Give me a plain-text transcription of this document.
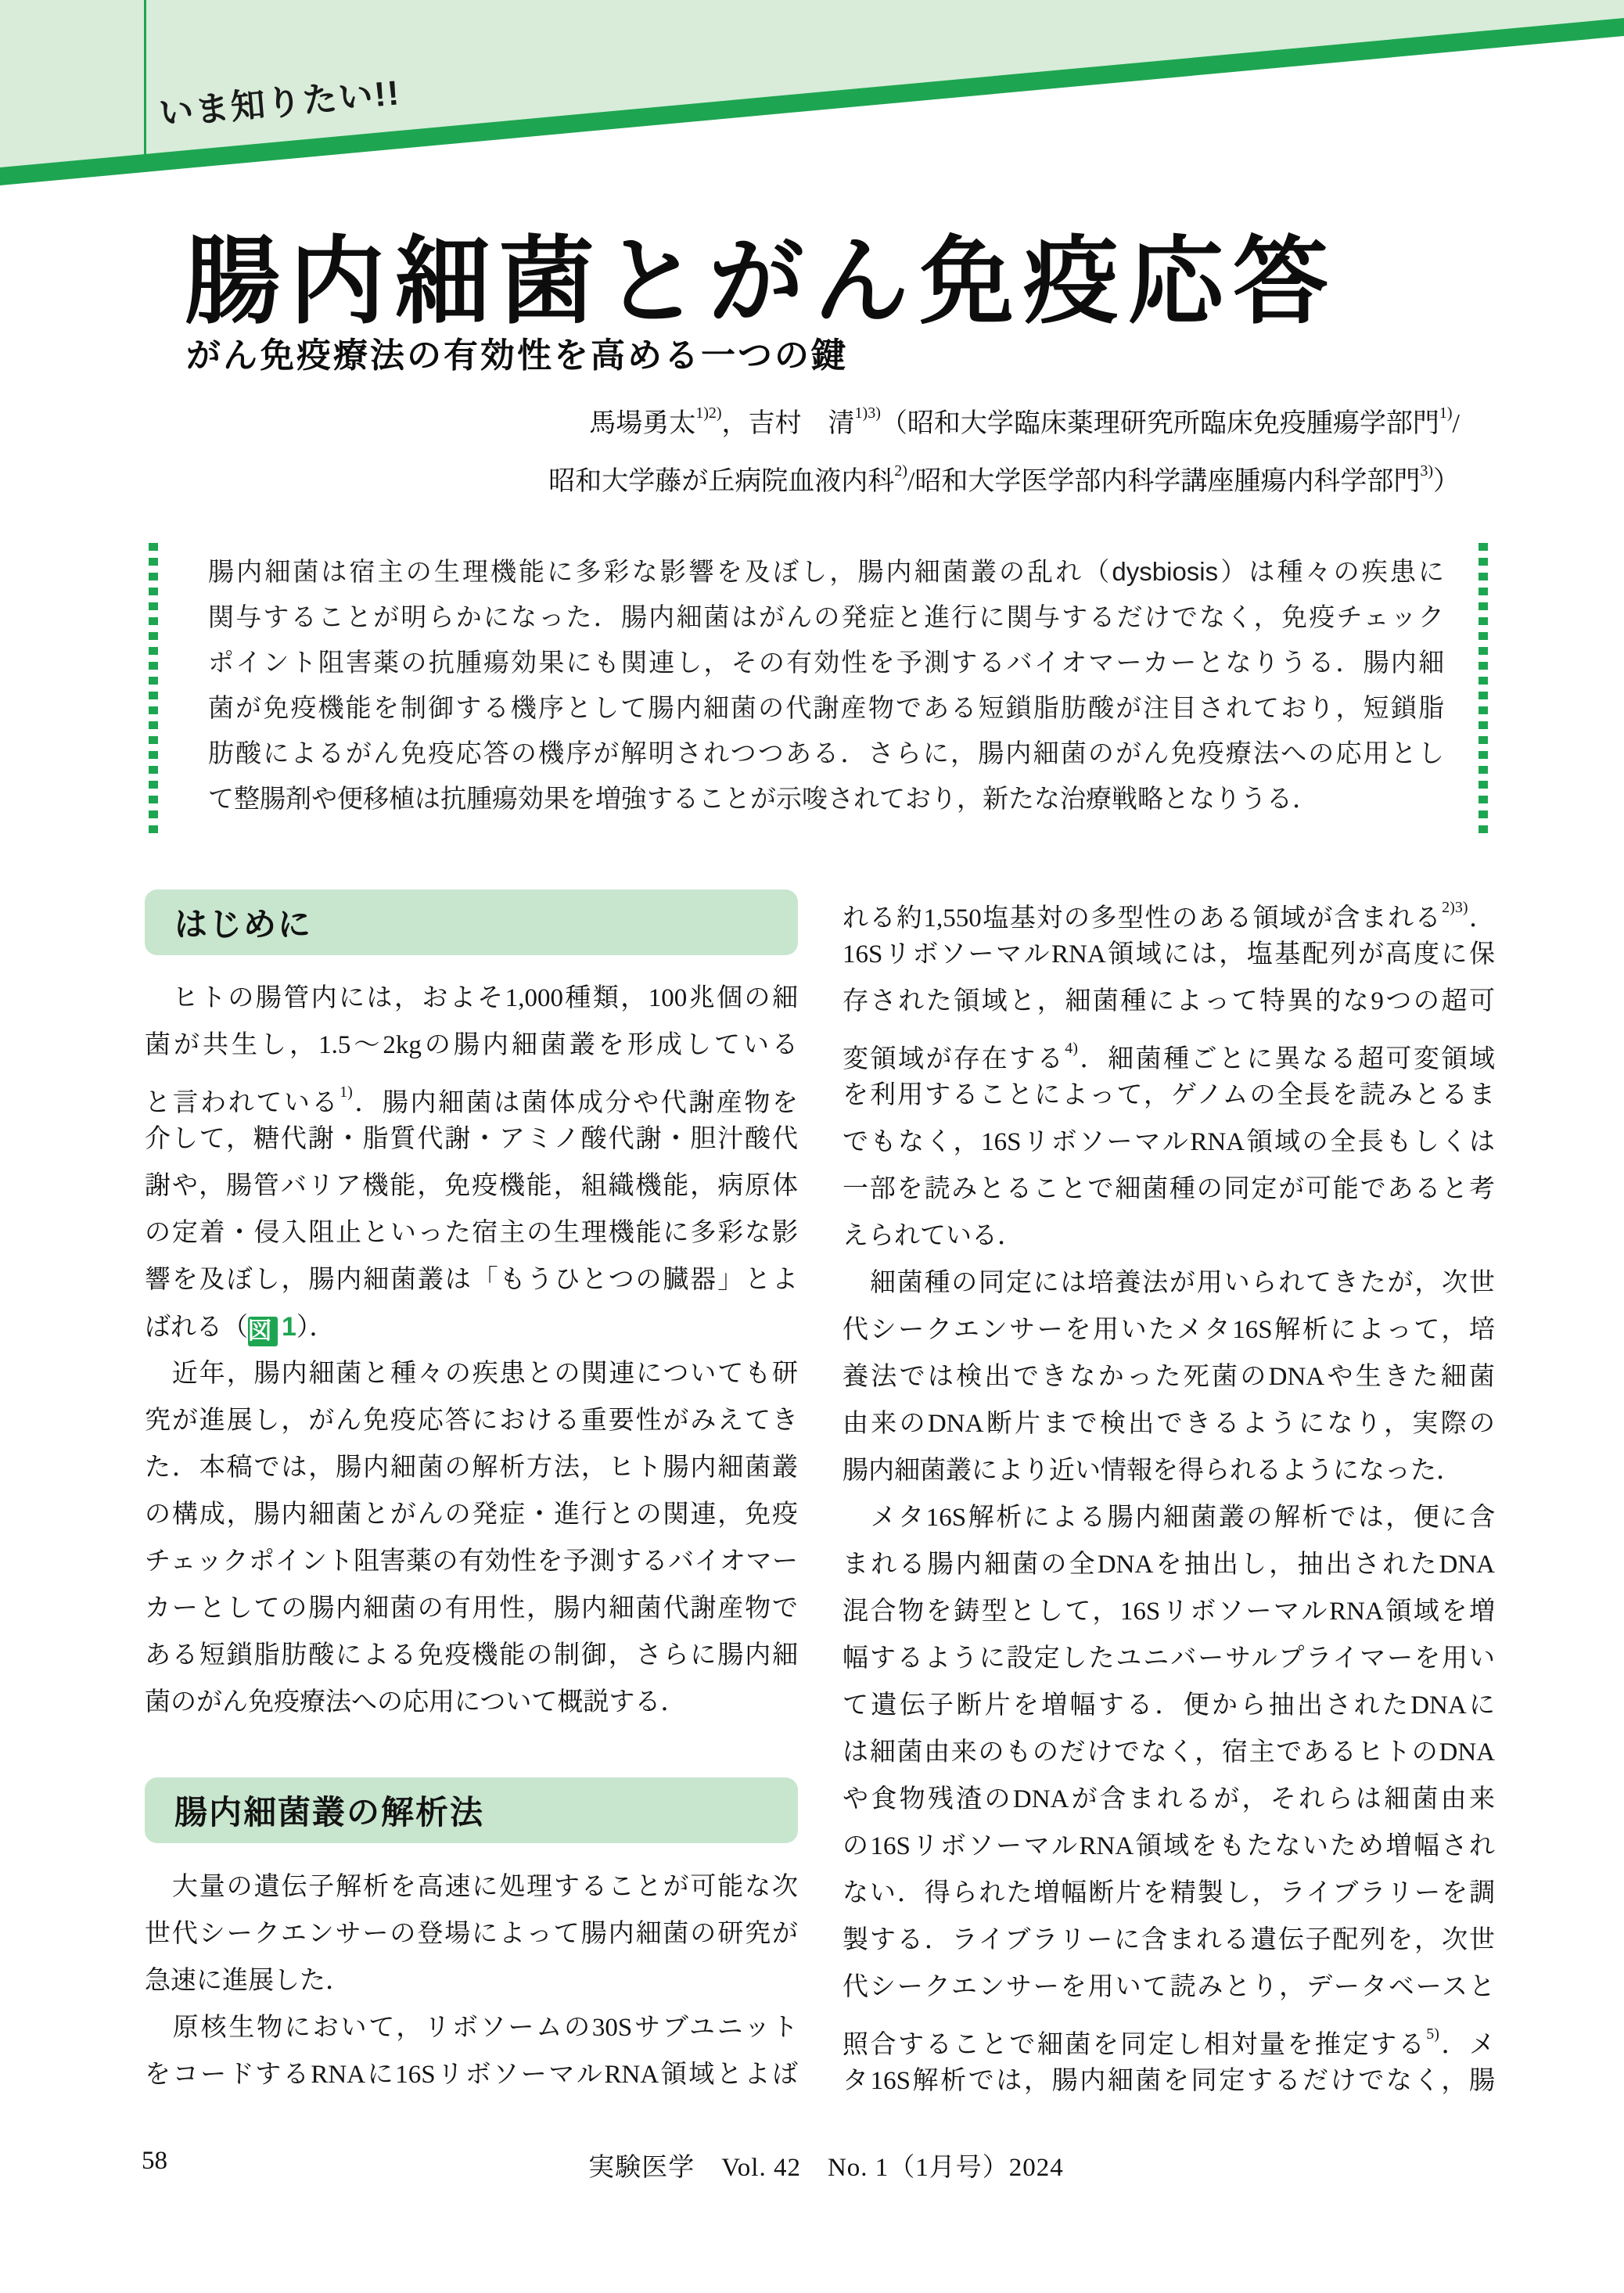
いま知りたい!!
腸内細菌とがん免疫応答
がん免疫療法の有効性を高める一つの鍵
馬場勇太$^{1)2)}$，吉村　清$^{1)3)}$（昭和大学臨床薬理研究所臨床免疫腫瘍学部門$^{1)}$/
昭和大学藤が丘病院血液内科$^{2)}$/昭和大学医学部内科学講座腫瘍内科学部門$^{3)}$）
腸内細菌は宿主の生理機能に多彩な影響を及ぼし，腸内細菌叢の乱れ（dysbiosis）は種々の疾患に
関与することが明らかになった．腸内細菌はがんの発症と進行に関与するだけでなく，免疫チェック
ポイント阻害薬の抗腫瘍効果にも関連し，その有効性を予測するバイオマーカーとなりうる．腸内細
菌が免疫機能を制御する機序として腸内細菌の代謝産物である短鎖脂肪酸が注目されており，短鎖脂
肪酸によるがん免疫応答の機序が解明されつつある．さらに，腸内細菌のがん免疫療法への応用とし
て整腸剤や便移植は抗腫瘍効果を増強することが示唆されており，新たな治療戦略となりうる．
はじめに
　ヒトの腸管内には，およそ1,000種類，100兆個の細
菌が共生し，1.5～2kgの腸内細菌叢を形成している
と言われている$^{1)}$．腸内細菌は菌体成分や代謝産物を
介して，糖代謝・脂質代謝・アミノ酸代謝・胆汁酸代
謝や，腸管バリア機能，免疫機能，組織機能，病原体
の定着・侵入阻止といった宿主の生理機能に多彩な影
響を及ぼし，腸内細菌叢は「もうひとつの臓器」とよ
ばれる（図 1）．
　近年，腸内細菌と種々の疾患との関連についても研
究が進展し，がん免疫応答における重要性がみえてき
た．本稿では，腸内細菌の解析方法，ヒト腸内細菌叢
の構成，腸内細菌とがんの発症・進行との関連，免疫
チェックポイント阻害薬の有効性を予測するバイオマー
カーとしての腸内細菌の有用性，腸内細菌代謝産物で
ある短鎖脂肪酸による免疫機能の制御，さらに腸内細
菌のがん免疫療法への応用について概説する．
腸内細菌叢の解析法
　大量の遺伝子解析を高速に処理することが可能な次
世代シークエンサーの登場によって腸内細菌の研究が
急速に進展した．
　原核生物において，リボソームの30Sサブユニット
をコードするRNAに16SリボソーマルRNA領域とよば
れる約1,550塩基対の多型性のある領域が含まれる$^{2)3)}$．
16SリボソーマルRNA領域には，塩基配列が高度に保
存された領域と，細菌種によって特異的な9つの超可
変領域が存在する$^{4)}$．細菌種ごとに異なる超可変領域
を利用することによって，ゲノムの全長を読みとるま
でもなく，16SリボソーマルRNA領域の全長もしくは
一部を読みとることで細菌種の同定が可能であると考
えられている．
　細菌種の同定には培養法が用いられてきたが，次世
代シークエンサーを用いたメタ16S解析によって，培
養法では検出できなかった死菌のDNAや生きた細菌
由来のDNA断片まで検出できるようになり，実際の
腸内細菌叢により近い情報を得られるようになった．
　メタ16S解析による腸内細菌叢の解析では，便に含
まれる腸内細菌の全DNAを抽出し，抽出されたDNA
混合物を鋳型として，16SリボソーマルRNA領域を増
幅するように設定したユニバーサルプライマーを用い
て遺伝子断片を増幅する．便から抽出されたDNAに
は細菌由来のものだけでなく，宿主であるヒトのDNA
や食物残渣のDNAが含まれるが，それらは細菌由来
の16SリボソーマルRNA領域をもたないため増幅され
ない．得られた増幅断片を精製し，ライブラリーを調
製する．ライブラリーに含まれる遺伝子配列を，次世
代シークエンサーを用いて読みとり，データベースと
照合することで細菌を同定し相対量を推定する$^{5)}$．メ
タ16S解析では，腸内細菌を同定するだけでなく，腸
58	実験医学　Vol. 42　No. 1（1月号）2024
